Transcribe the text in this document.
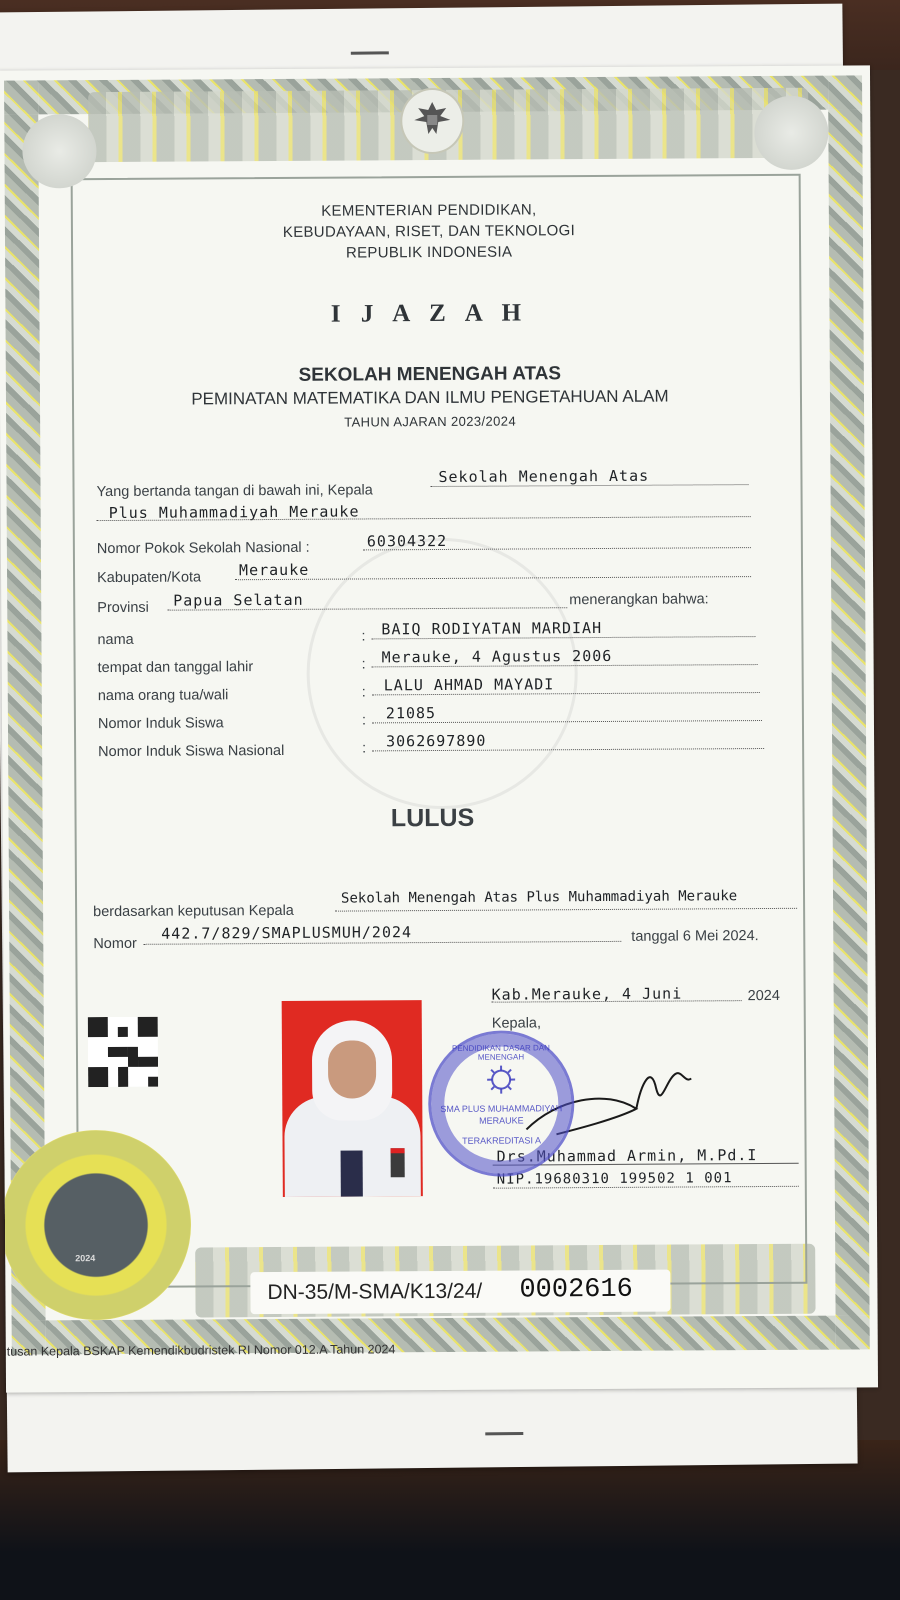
KEMENTERIAN PENDIDIKAN,
KEBUDAYAAN, RISET, DAN TEKNOLOGI
REPUBLIK INDONESIA
I J A Z A H
SEKOLAH MENENGAH ATAS
PEMINATAN MATEMATIKA DAN ILMU PENGETAHUAN ALAM
TAHUN AJARAN 2023/2024
Yang bertanda tangan di bawah ini, Kepala
Sekolah Menengah Atas
Plus Muhammadiyah Merauke
Nomor Pokok Sekolah Nasional :	60304322
Kabupaten/Kota	Merauke
Provinsi Papua Selatan	menerangkan bahwa:
nama	: BAIQ RODIYATAN MARDIAH
tempat dan tanggal lahir	: Merauke, 4 Agustus 2006
nama orang tua/wali	: LALU AHMAD MAYADI
Nomor Induk Siswa	: 21085
Nomor Induk Siswa Nasional	: 3062697890
LULUS
berdasarkan keputusan Kepala
Sekolah Menengah Atas Plus Muhammadiyah Merauke
Nomor
442.7/829/SMAPLUSMUH/2024	tanggal 6 Mei 2024.
Kab.Merauke, 4 Juni	2024
Kepala,
Drs.Muhammad Armin, M.Pd.I
NIP.19680310 199502 1 001
PENDIDIKAN DASAR DAN MENENGAH
SMA PLUS MUHAMMADIYAH
MERAUKE
TERAKREDITASI A
2024
DN-35/M-SMA/K13/24/ 0002616
utusan Kepala BSKAP Kemendikbudristek RI Nomor 012.A Tahun 2024
